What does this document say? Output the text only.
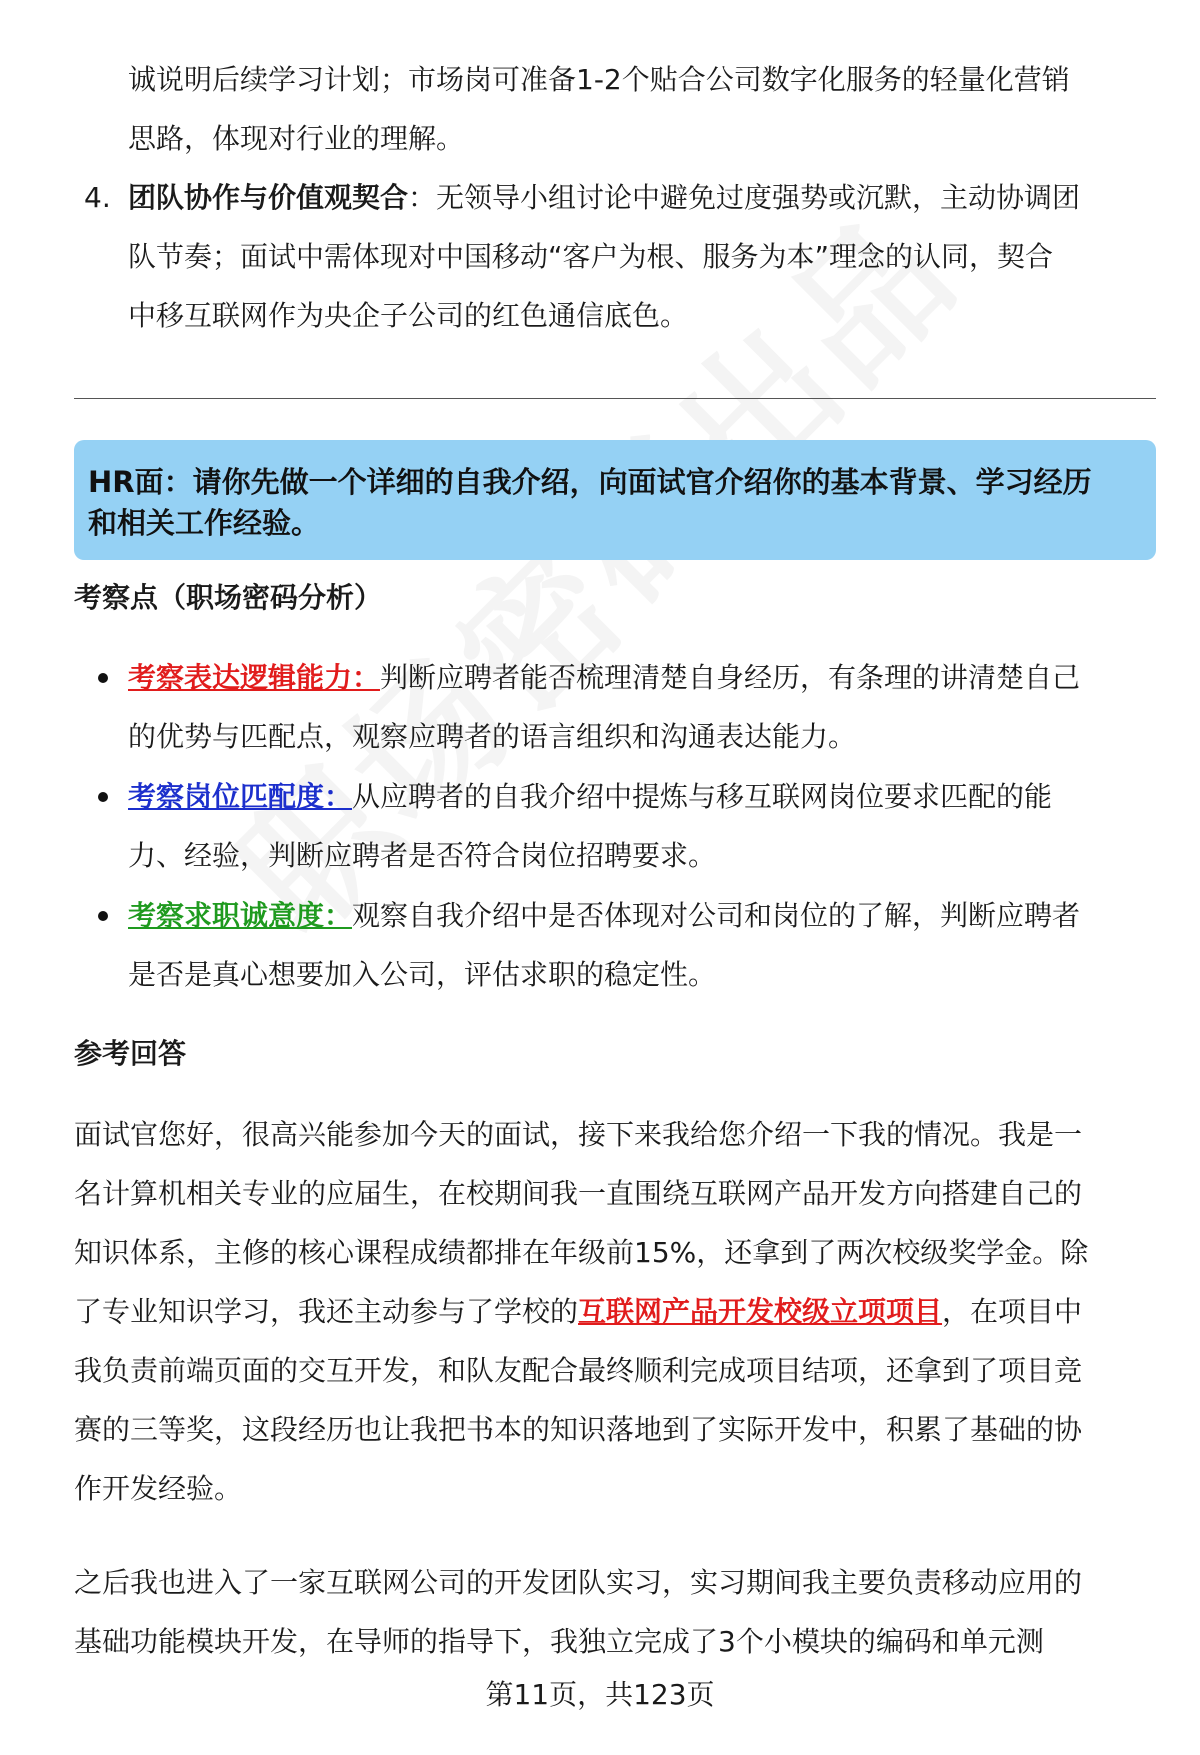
诚说明后续学习计划；市场岗可准备1-2个贴合公司数字化服务的轻量化营销
思路，体现对行业的理解。
4. 团队协作与价值观契合：无领导小组讨论中避免过度强势或沉默，主动协调团
队节奏；面试中需体现对中国移动“客户为根、服务为本”理念的认同，契合
中移互联网作为央企子公司的红色通信底色。
HR面：请你先做一个详细的自我介绍，向面试官介绍你的基本背景、学习经历
和相关工作经验。
考察点（职场密码分析）
考察表达逻辑能力：判断应聘者能否梳理清楚自身经历，有条理的讲清楚自己
的优势与匹配点，观察应聘者的语言组织和沟通表达能力。
考察岗位匹配度：从应聘者的自我介绍中提炼与移互联网岗位要求匹配的能
力、经验，判断应聘者是否符合岗位招聘要求。
考察求职诚意度：观察自我介绍中是否体现对公司和岗位的了解，判断应聘者
是否是真心想要加入公司，评估求职的稳定性。
参考回答
面试官您好，很高兴能参加今天的面试，接下来我给您介绍一下我的情况。我是一
名计算机相关专业的应届生，在校期间我一直围绕互联网产品开发方向搭建自己的
知识体系，主修的核心课程成绩都排在年级前15%，还拿到了两次校级奖学金。除
了专业知识学习，我还主动参与了学校的互联网产品开发校级立项项目，在项目中
我负责前端页面的交互开发，和队友配合最终顺利完成项目结项，还拿到了项目竞
赛的三等奖，这段经历也让我把书本的知识落地到了实际开发中，积累了基础的协
作开发经验。
之后我也进入了一家互联网公司的开发团队实习，实习期间我主要负责移动应用的
基础功能模块开发，在导师的指导下，我独立完成了3个小模块的编码和单元测
第11页，共123页
